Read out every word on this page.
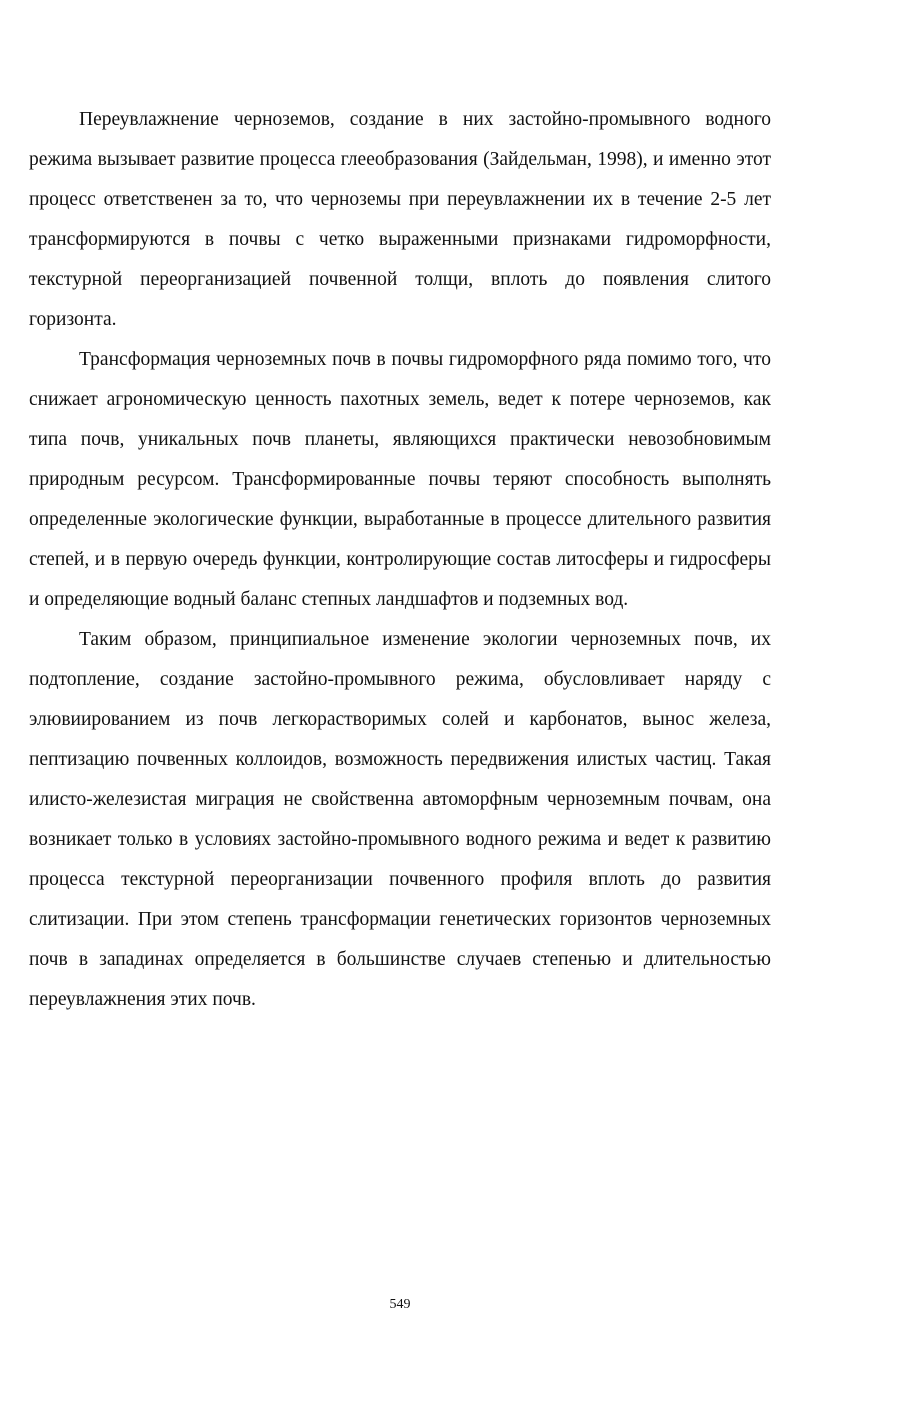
Переувлажнение черноземов, создание в них застойно-промывного водного режима вызывает развитие процесса глееобразования (Зайдельман, 1998), и именно этот процесс ответственен за то, что черноземы при переувлажнении их в течение 2-5 лет трансформируются в почвы с четко выраженными признаками гидроморфности, текстурной переорганизацией почвенной толщи, вплоть до появления слитого горизонта.

Трансформация черноземных почв в почвы гидроморфного ряда помимо того, что снижает агрономическую ценность пахотных земель, ведет к потере черноземов, как типа почв, уникальных почв планеты, являющихся практически невозобновимым природным ресурсом. Трансформированные почвы теряют способность выполнять определенные экологические функции, выработанные в процессе длительного развития степей, и в первую очередь функции, контролирующие состав литосферы и гидросферы и определяющие водный баланс степных ландшафтов и подземных вод.

Таким образом, принципиальное изменение экологии черноземных почв, их подтопление, создание застойно-промывного режима, обусловливает наряду с элювиированием из почв легкорастворимых солей и карбонатов, вынос железа, пептизацию почвенных коллоидов, возможность передвижения илистых частиц. Такая илисто-железистая миграция не свойственна автоморфным черноземным почвам, она возникает только в условиях застойно-промывного водного режима и ведет к развитию процесса текстурной переорганизации почвенного профиля вплоть до развития слитизации. При этом степень трансформации генетических горизонтов черноземных почв в западинах определяется в большинстве случаев степенью и длительностью переувлажнения этих почв.

549
